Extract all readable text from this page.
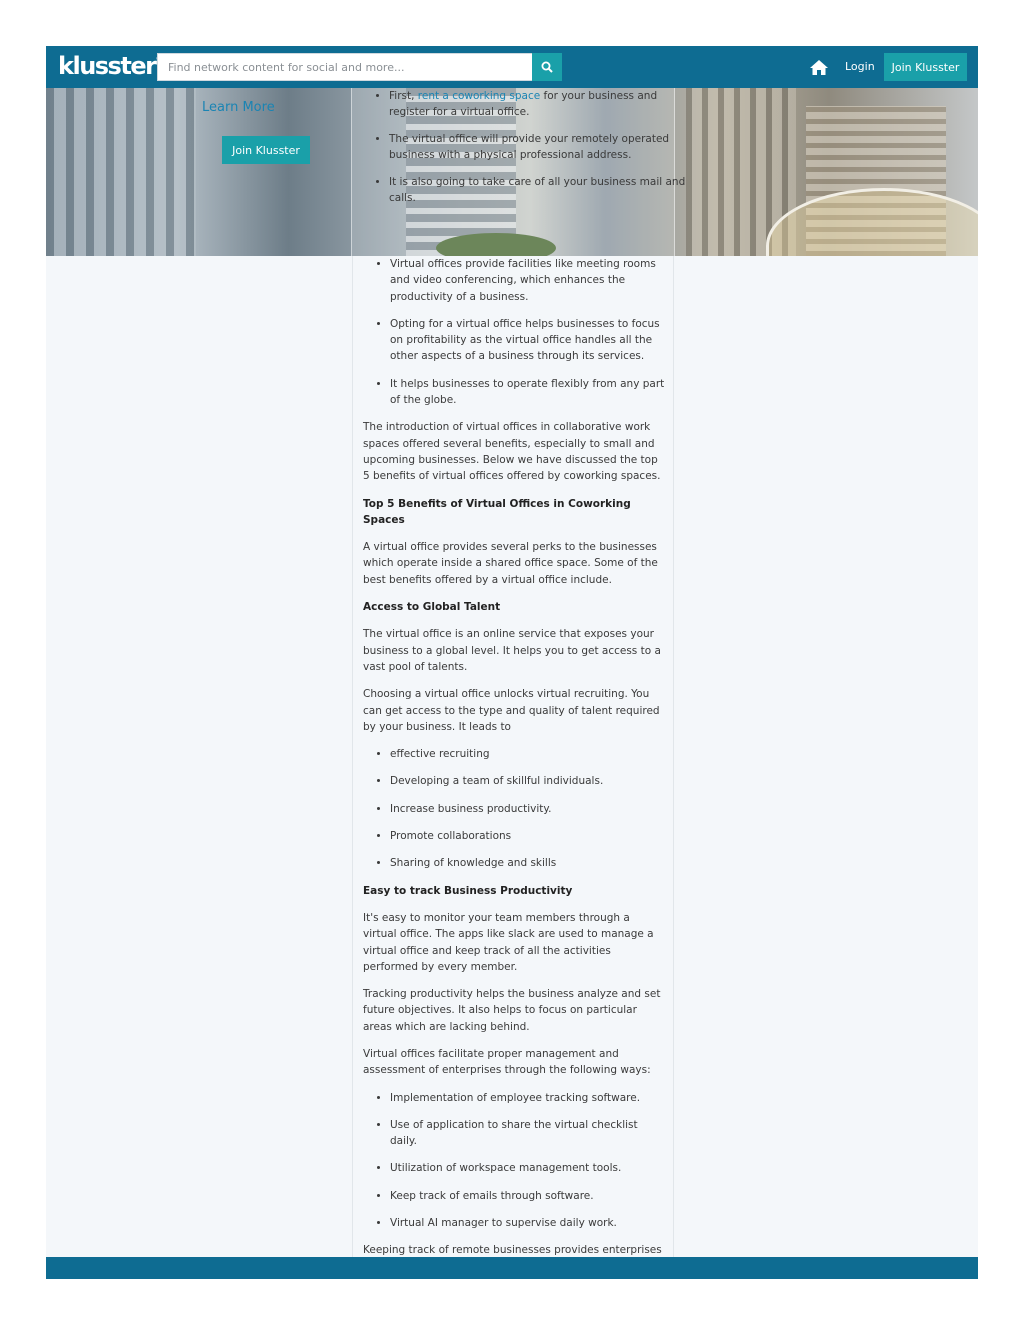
klusster
Find network content for social and more...	Login	Join Klusster
Learn More
Join Klusster
• First, rent a coworking space for your business and register for a virtual office.
• The virtual office will provide your remotely operated business with a physical professional address.
• It is also going to take care of all your business mail and calls.
• Virtual offices provide facilities like meeting rooms and video conferencing, which enhances the productivity of a business.
• Opting for a virtual office helps businesses to focus on profitability as the virtual office handles all the other aspects of a business through its services.
• It helps businesses to operate flexibly from any part of the globe.

The introduction of virtual offices in collaborative work spaces offered several benefits, especially to small and upcoming businesses. Below we have discussed the top 5 benefits of virtual offices offered by coworking spaces.

Top 5 Benefits of Virtual Offices in Coworking Spaces

A virtual office provides several perks to the businesses which operate inside a shared office space. Some of the best benefits offered by a virtual office include.

Access to Global Talent

The virtual office is an online service that exposes your business to a global level. It helps you to get access to a vast pool of talents.

Choosing a virtual office unlocks virtual recruiting. You can get access to the type and quality of talent required by your business. It leads to

• effective recruiting
• Developing a team of skillful individuals.
• Increase business productivity.
• Promote collaborations
• Sharing of knowledge and skills
Easy to track Business Productivity

It's easy to monitor your team members through a virtual office. The apps like slack are used to manage a virtual office and keep track of all the activities performed by every member.

Tracking productivity helps the business analyze and set future objectives. It also helps to focus on particular areas which are lacking behind.

Virtual offices facilitate proper management and assessment of enterprises through the following ways:

• Implementation of employee tracking software.
• Use of application to share the virtual checklist daily.
• Utilization of workspace management tools.
• Keep track of emails through software.
• Virtual AI manager to supervise daily work.

Keeping track of remote businesses provides enterprises
